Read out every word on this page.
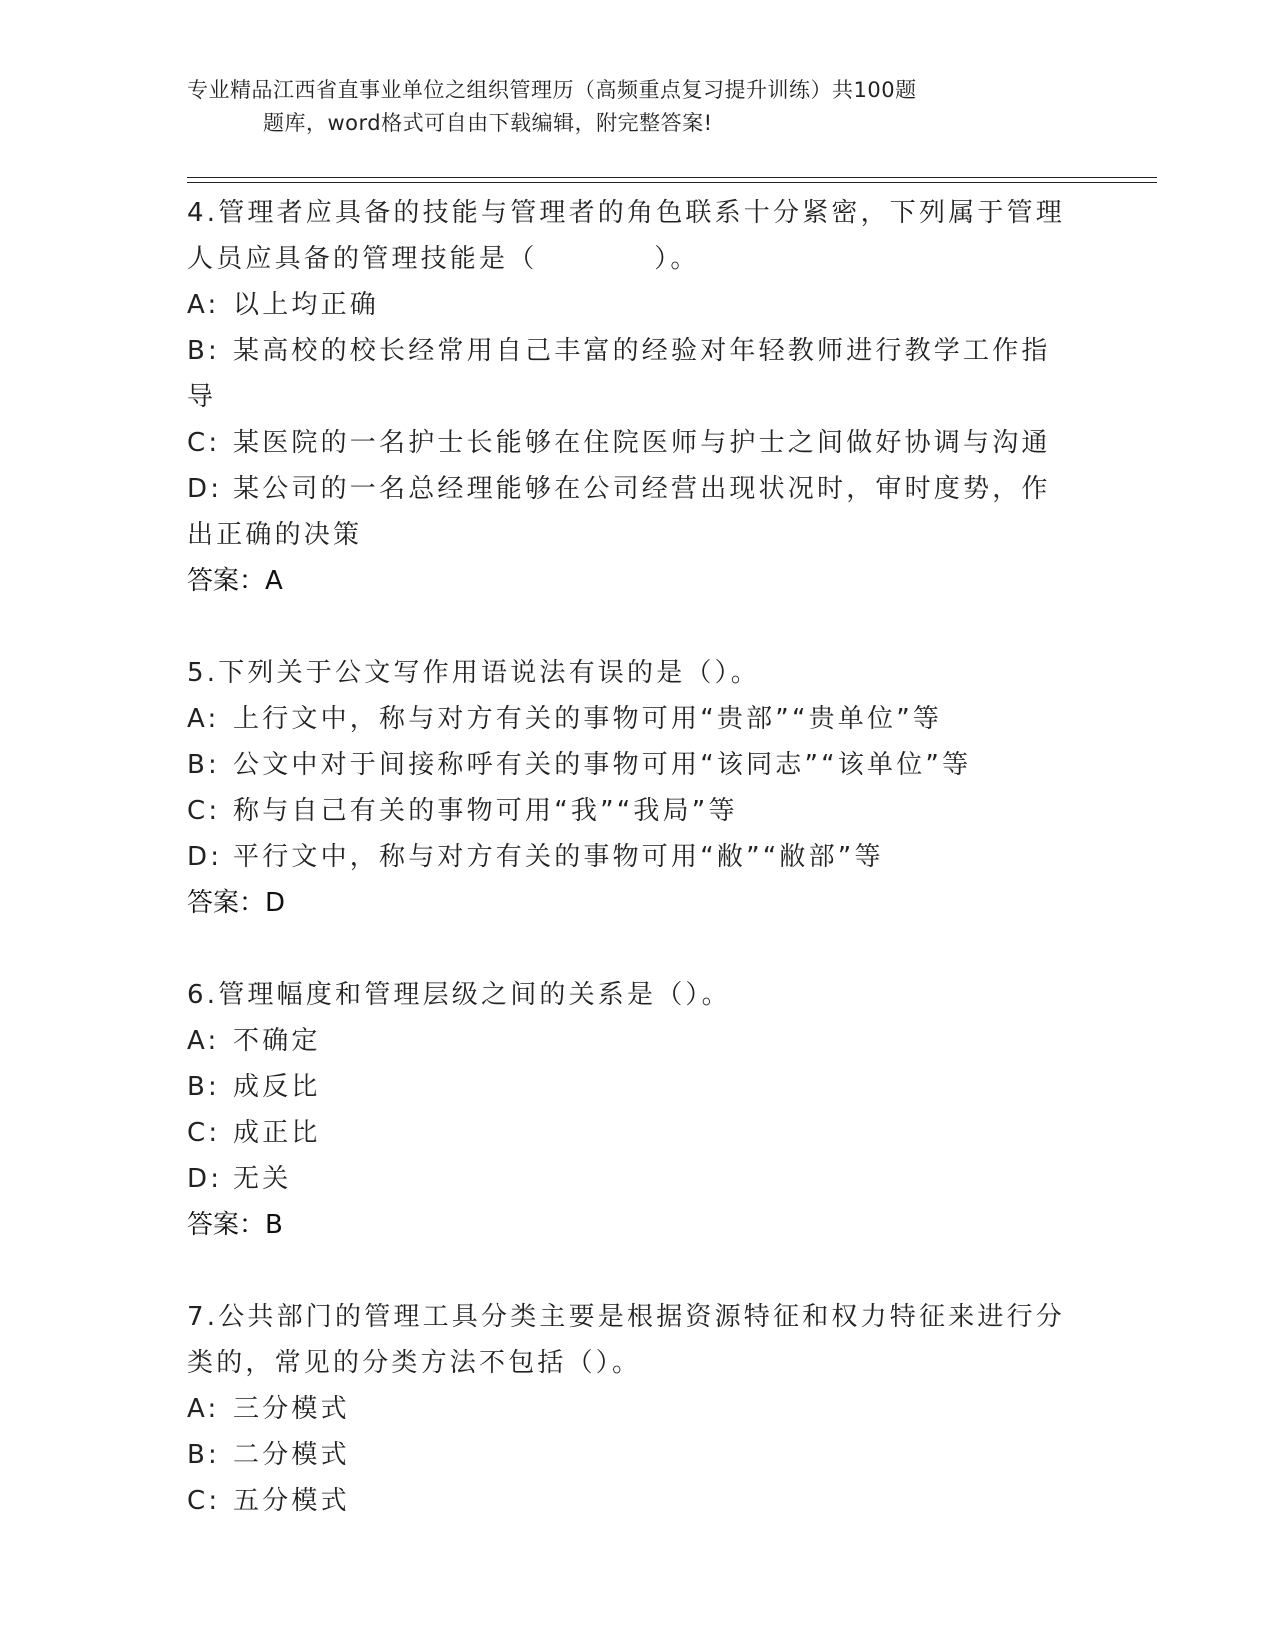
专业精品江西省直事业单位之组织管理历（高频重点复习提升训练）共100题
题库，word格式可自由下载编辑，附完整答案!
4.管理者应具备的技能与管理者的角色联系十分紧密，下列属于管理人员应具备的管理技能是（　　　　）。
A: 以上均正确
B: 某高校的校长经常用自己丰富的经验对年轻教师进行教学工作指导
C: 某医院的一名护士长能够在住院医师与护士之间做好协调与沟通
D: 某公司的一名总经理能够在公司经营出现状况时，审时度势，作出正确的决策
答案：A
5.下列关于公文写作用语说法有误的是（）。
A: 上行文中，称与对方有关的事物可用“贵部”“贵单位”等
B: 公文中对于间接称呼有关的事物可用“该同志”“该单位”等
C: 称与自己有关的事物可用“我”“我局”等
D: 平行文中，称与对方有关的事物可用“敝”“敝部”等
答案：D
6.管理幅度和管理层级之间的关系是（）。
A: 不确定
B: 成反比
C: 成正比
D: 无关
答案：B
7.公共部门的管理工具分类主要是根据资源特征和权力特征来进行分类的，常见的分类方法不包括（）。
A: 三分模式
B: 二分模式
C: 五分模式
